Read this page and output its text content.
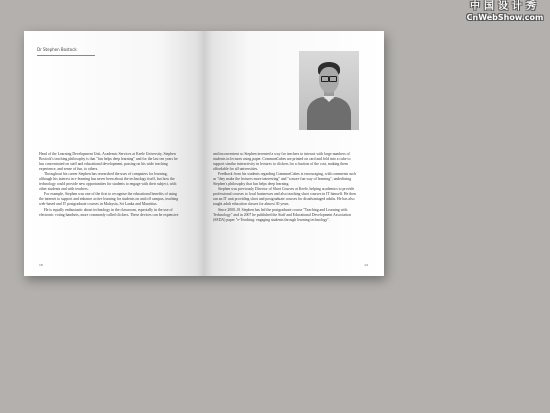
中国设计秀
CnWebShow.com
Dr Stephen Bostock

Head of the Learning Development Unit, Academic Services at Keele University, Stephen Bostock's teaching philosophy is that "fun helps deep learning" and for the last ten years he has concentrated on staff and educational development, passing on his wide teaching experience, and sense of fun, to others.

Throughout his career Stephen has researched the uses of computers for learning, although his interest in e-learning has never been about the technology itself, but how the technology could provide new opportunities for students to engage with their subject, with other students and with teachers.

For example, Stephen was one of the first to recognise the educational benefits of using the internet to support and enhance active learning for students on and off campus, teaching web-based and IT postgraduate courses in Malaysia, Sri Lanka and Mauritius.

He is equally enthusiastic about technology in the classroom, especially in the use of electronic voting handsets, more commonly called clickers. These devices can be expensive

18

and inconvenient so Stephen invented a way for teachers to interact with large numbers of students in lectures using paper. CommonCubes are printed on card and fold into a cube to support similar interactivity in lectures to clickers for a fraction of the cost, making them affordable for all universities.

Feedback from his students regarding CommonCubes is encouraging, with comments such as "they make the lectures more interesting" and "a more fun way of learning", underlining Stephen's philosophy that fun helps deep learning.

Stephen was previously Director of Short Courses at Keele, helping academics to provide professional courses to local businesses and also teaching short courses in IT himself. He then ran an IT unit providing short and postgraduate courses for disadvantaged adults. He has also taught adult education classes for almost 30 years.

Since 2000–01 Stephen has led the postgraduate course "Teaching and Learning with Technology" and in 2007 he published the Staff and Educational Development Association (SEDA) paper "e-Teaching: engaging students through learning technology".

19
